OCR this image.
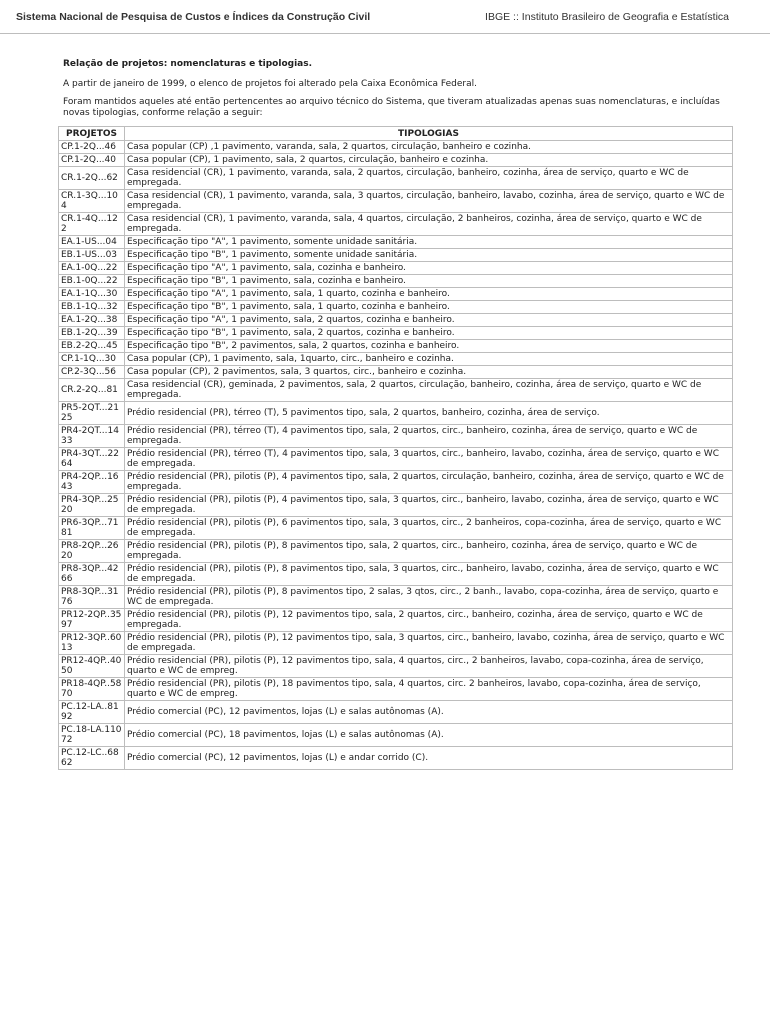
Sistema Nacional de Pesquisa de Custos e Índices da Construção Civil	IBGE :: Instituto Brasileiro de Geografia e Estatística
Relação de projetos: nomenclaturas e tipologias.
A partir de janeiro de 1999, o elenco de projetos foi alterado pela Caixa Econômica Federal.
Foram mantidos aqueles até então pertencentes ao arquivo técnico do Sistema, que tiveram atualizadas apenas suas nomenclaturas, e incluídas novas tipologias, conforme relação a seguir:
PROJETOS	TIPOLOGIAS
CP.1-2Q...46	Casa popular (CP) ,1 pavimento, varanda, sala, 2 quartos, circulação, banheiro e cozinha.
CP.1-2Q...40	Casa popular (CP), 1 pavimento, sala, 2 quartos, circulação, banheiro e cozinha.
CR.1-2Q...62	Casa residencial (CR), 1 pavimento, varanda, sala, 2 quartos, circulação, banheiro, cozinha, área de serviço, quarto e WC de empregada.
CR.1-3Q...104	Casa residencial (CR), 1 pavimento, varanda, sala, 3 quartos, circulação, banheiro, lavabo, cozinha, área de serviço, quarto e WC de empregada.
CR.1-4Q...122	Casa residencial (CR), 1 pavimento, varanda, sala, 4 quartos, circulação, 2 banheiros, cozinha, área de serviço, quarto e WC de empregada.
EA.1-US...04	Especificação tipo "A", 1 pavimento, somente unidade sanitária.
EB.1-US...03	Especificação tipo "B", 1 pavimento, somente unidade sanitária.
EA.1-0Q...22	Especificação tipo "A", 1 pavimento, sala, cozinha e banheiro.
EB.1-0Q...22	Especificação tipo "B", 1 pavimento, sala, cozinha e banheiro.
EA.1-1Q...30	Especificação tipo "A", 1 pavimento, sala, 1 quarto, cozinha e banheiro.
EB.1-1Q...32	Especificação tipo "B", 1 pavimento, sala, 1 quarto, cozinha e banheiro.
EA.1-2Q...38	Especificação tipo "A", 1 pavimento, sala, 2 quartos, cozinha e banheiro.
EB.1-2Q...39	Especificação tipo "B", 1 pavimento, sala, 2 quartos, cozinha e banheiro.
EB.2-2Q...45	Especificação tipo "B", 2 pavimentos, sala, 2 quartos, cozinha e banheiro.
CP.1-1Q...30	Casa popular (CP), 1 pavimento, sala, 1quarto, circ., banheiro e cozinha.
CP.2-3Q...56	Casa popular (CP), 2 pavimentos, sala, 3 quartos, circ., banheiro e cozinha.
CR.2-2Q...81	Casa residencial (CR), geminada, 2 pavimentos, sala, 2 quartos, circulação, banheiro, cozinha, área de serviço, quarto e WC de empregada.
PR5-2QT...2125	Prédio residencial (PR), térreo (T), 5 pavimentos tipo, sala, 2 quartos, banheiro, cozinha, área de serviço.
PR4-2QT...1433	Prédio residencial (PR), térreo (T), 4 pavimentos tipo, sala, 2 quartos, circ., banheiro, cozinha, área de serviço, quarto e WC de empregada.
PR4-3QT...2264	Prédio residencial (PR), térreo (T), 4 pavimentos tipo, sala, 3 quartos, circ., banheiro, lavabo, cozinha, área de serviço, quarto e WC de empregada.
PR4-2QP...1643	Prédio residencial (PR), pilotis (P), 4 pavimentos tipo, sala, 2 quartos, circulação, banheiro, cozinha, área de serviço, quarto e WC de empregada.
PR4-3QP...2520	Prédio residencial (PR), pilotis (P), 4 pavimentos tipo, sala, 3 quartos, circ., banheiro, lavabo, cozinha, área de serviço, quarto e WC de empregada.
PR6-3QP...7181	Prédio residencial (PR), pilotis (P), 6 pavimentos tipo, sala, 3 quartos, circ., 2 banheiros, copa-cozinha, área de serviço, quarto e WC de empregada.
PR8-2QP...2620	Prédio residencial (PR), pilotis (P), 8 pavimentos tipo, sala, 2 quartos, circ., banheiro, cozinha, área de serviço, quarto e WC de empregada.
PR8-3QP...4266	Prédio residencial (PR), pilotis (P), 8 pavimentos tipo, sala, 3 quartos, circ., banheiro, lavabo, cozinha, área de serviço, quarto e WC de empregada.
PR8-3QP...3176	Prédio residencial (PR), pilotis (P), 8 pavimentos tipo, 2 salas, 3 qtos, circ., 2 banh., lavabo, copa-cozinha, área de serviço, quarto e WC de empregada.
PR12-2QP..3597	Prédio residencial (PR), pilotis (P), 12 pavimentos tipo, sala, 2 quartos, circ., banheiro, cozinha, área de serviço, quarto e WC de empregada.
PR12-3QP..6013	Prédio residencial (PR), pilotis (P), 12 pavimentos tipo, sala, 3 quartos, circ., banheiro, lavabo, cozinha, área de serviço, quarto e WC de empregada.
PR12-4QP..4050	Prédio residencial (PR), pilotis (P), 12 pavimentos tipo, sala, 4 quartos, circ., 2 banheiros, lavabo, copa-cozinha, área de serviço, quarto e WC de empreg.
PR18-4QP..5870	Prédio residencial (PR), pilotis (P), 18 pavimentos tipo, sala, 4 quartos, circ. 2 banheiros, lavabo, copa-cozinha, área de serviço, quarto e WC de empreg.
PC.12-LA..8192	Prédio comercial (PC), 12 pavimentos, lojas (L) e salas autônomas (A).
PC.18-LA.11072	Prédio comercial (PC), 18 pavimentos, lojas (L) e salas autônomas (A).
PC.12-LC..6862	Prédio comercial (PC), 12 pavimentos, lojas (L) e andar corrido (C).
